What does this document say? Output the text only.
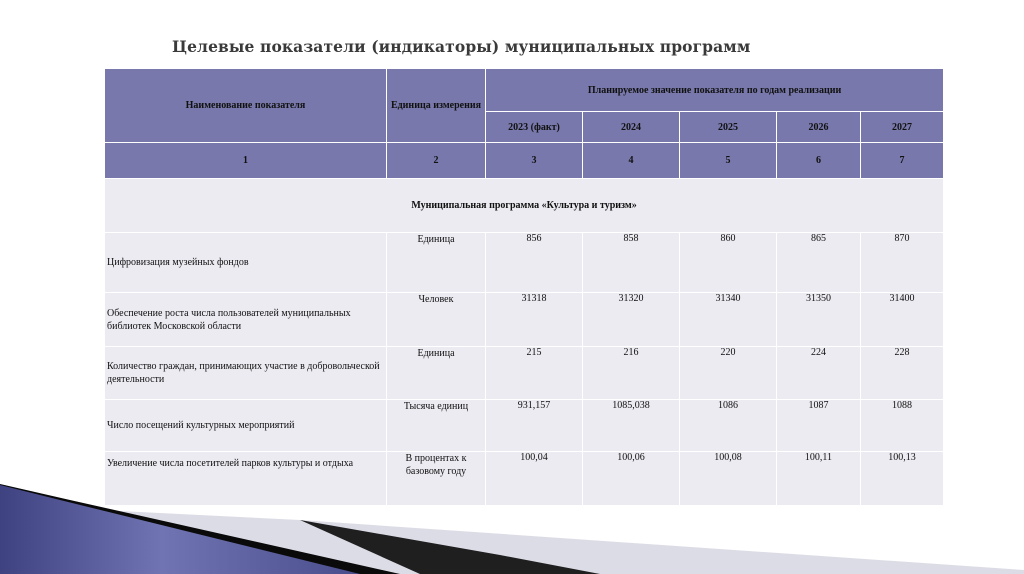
Целевые показатели (индикаторы) муниципальных программ
Наименование показателя	Единица измерения	Планируемое значение показателя по годам реализации				
		2023 (факт)	2024	2025	2026	2027
1	2	3	4	5	6	7
Муниципальная программа «Культура и туризм»						
Цифровизация музейных фондов	Единица	856	858	860	865	870
Обеспечение роста числа пользователей муниципальных библиотек Московской области	Человек	31318	31320	31340	31350	31400
Количество граждан, принимающих участие в добровольческой деятельности	Единица	215	216	220	224	228
Число посещений культурных мероприятий	Тысяча единиц	931,157	1085,038	1086	1087	1088
Увеличение числа посетителей парков культуры и отдыха	В процентах к базовому году	100,04	100,06	100,08	100,11	100,13
